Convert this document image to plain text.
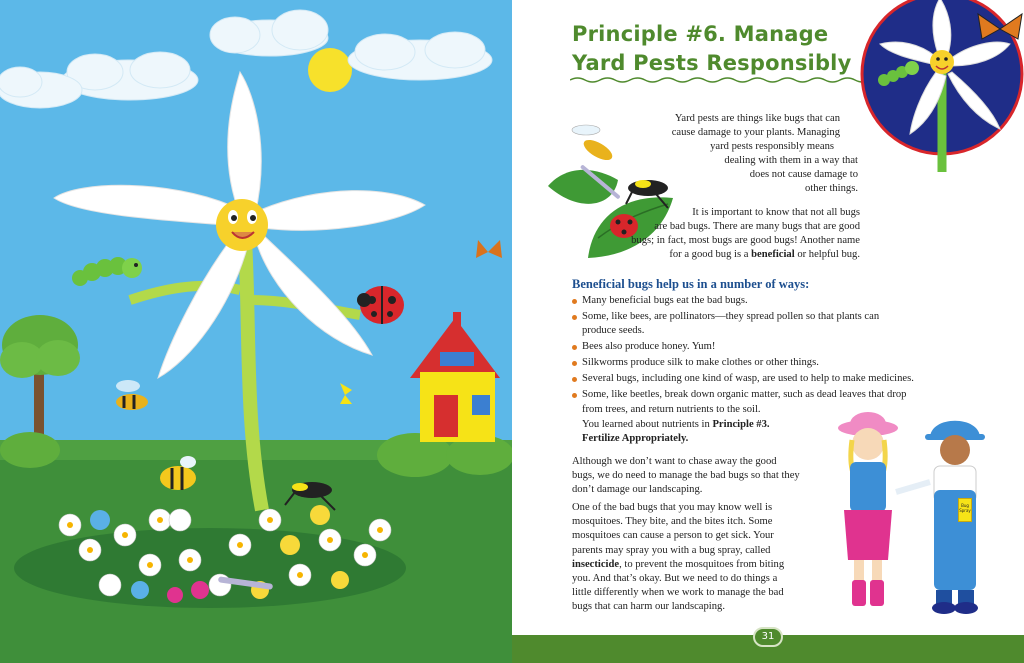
Principle #6. Manage Yard Pests Responsibly

Yard pests are things like bugs that can

cause damage to your plants. Managing

yard pests responsibly means

dealing with them in a way that

does not cause damage to

other things.

It is important to know that not all bugs

are bad bugs. There are many bugs that are good

bugs; in fact, most bugs are good bugs! Another name

for a good bug is a beneficial or helpful bug.

Beneficial bugs help us in a number of ways:
Many beneficial bugs eat the bad bugs.
Some, like bees, are pollinators—they spread pollen so that plants can produce seeds.
Bees also produce honey. Yum!
Silkworms produce silk to make clothes or other things.
Several bugs, including one kind of wasp, are used to help to make medicines.
Some, like beetles, break down organic matter, such as dead leaves that drop from trees, and return nutrients to the soil.
You learned about nutrients in Principle #3.
Fertilize Appropriately.
Although we don’t want to chase away the good
bugs, we do need to manage the bad bugs so that they
don’t damage our landscaping.
One of the bad bugs that you may know well is
mosquitoes. They bite, and the bites itch. Some
mosquitoes can cause a person to get sick. Your
parents may spray you with a bug spray, called
insecticide, to prevent the mosquitoes from biting
you. And that’s okay. But we need to do things a
little differently when we work to manage the bad
bugs that can harm our landscaping.
Bug Spray
31
